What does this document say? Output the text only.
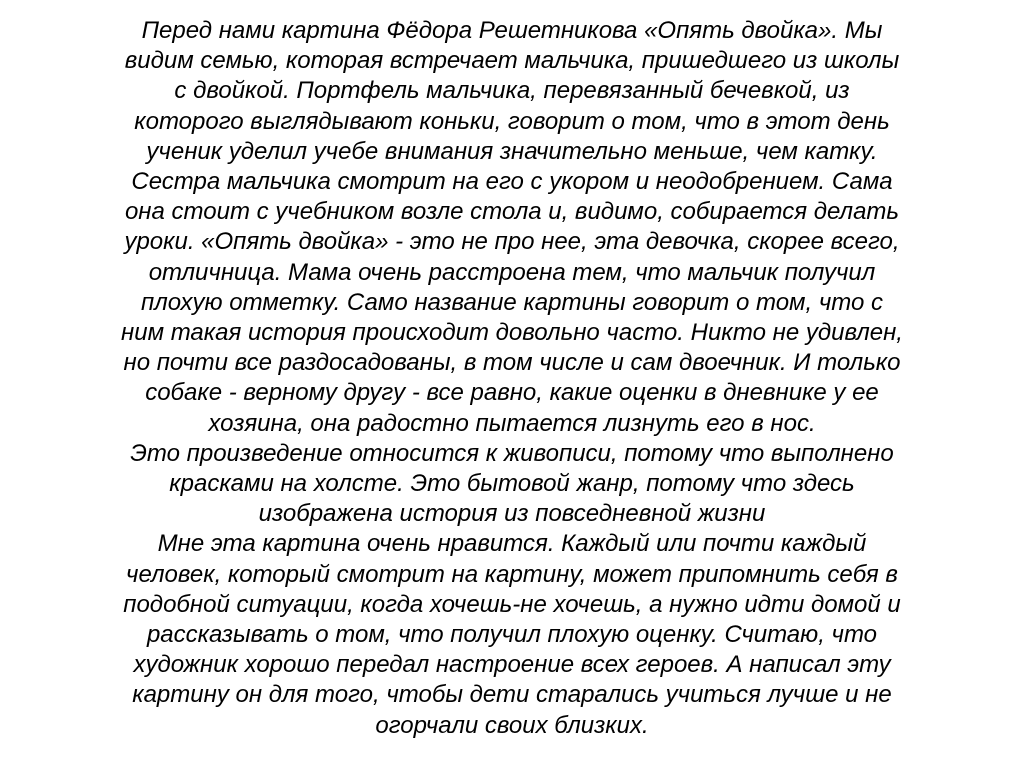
Перед нами картина Фёдора Решетникова «Опять двойка». Мы
видим семью, которая встречает мальчика, пришедшего из школы
с двойкой. Портфель мальчика, перевязанный бечевкой, из
которого выглядывают коньки, говорит о том, что в этот день
ученик уделил учебе внимания значительно меньше, чем катку.
Сестра мальчика смотрит на его с укором и неодобрением. Сама
она стоит с учебником возле стола и, видимо, собирается делать
уроки. «Опять двойка» - это не про нее, эта девочка, скорее всего,
отличница. Мама очень расстроена тем, что мальчик получил
плохую отметку. Само название картины говорит о том, что с
ним такая история происходит довольно часто. Никто не удивлен,
но почти все раздосадованы, в том числе и сам двоечник. И только
собаке - верному другу - все равно, какие оценки в дневнике у ее
хозяина, она радостно пытается лизнуть его в нос.
Это произведение относится к живописи, потому что выполнено
красками на холсте. Это бытовой жанр, потому что здесь
изображена история из повседневной жизни
Мне эта картина очень нравится. Каждый или почти каждый
человек, который смотрит на картину, может припомнить себя в
подобной ситуации, когда хочешь-не хочешь, а нужно идти домой и
рассказывать о том, что получил плохую оценку. Считаю, что
художник хорошо передал настроение всех героев. А написал эту
картину он для того, чтобы дети старались учиться лучше и не
огорчали своих близких.
